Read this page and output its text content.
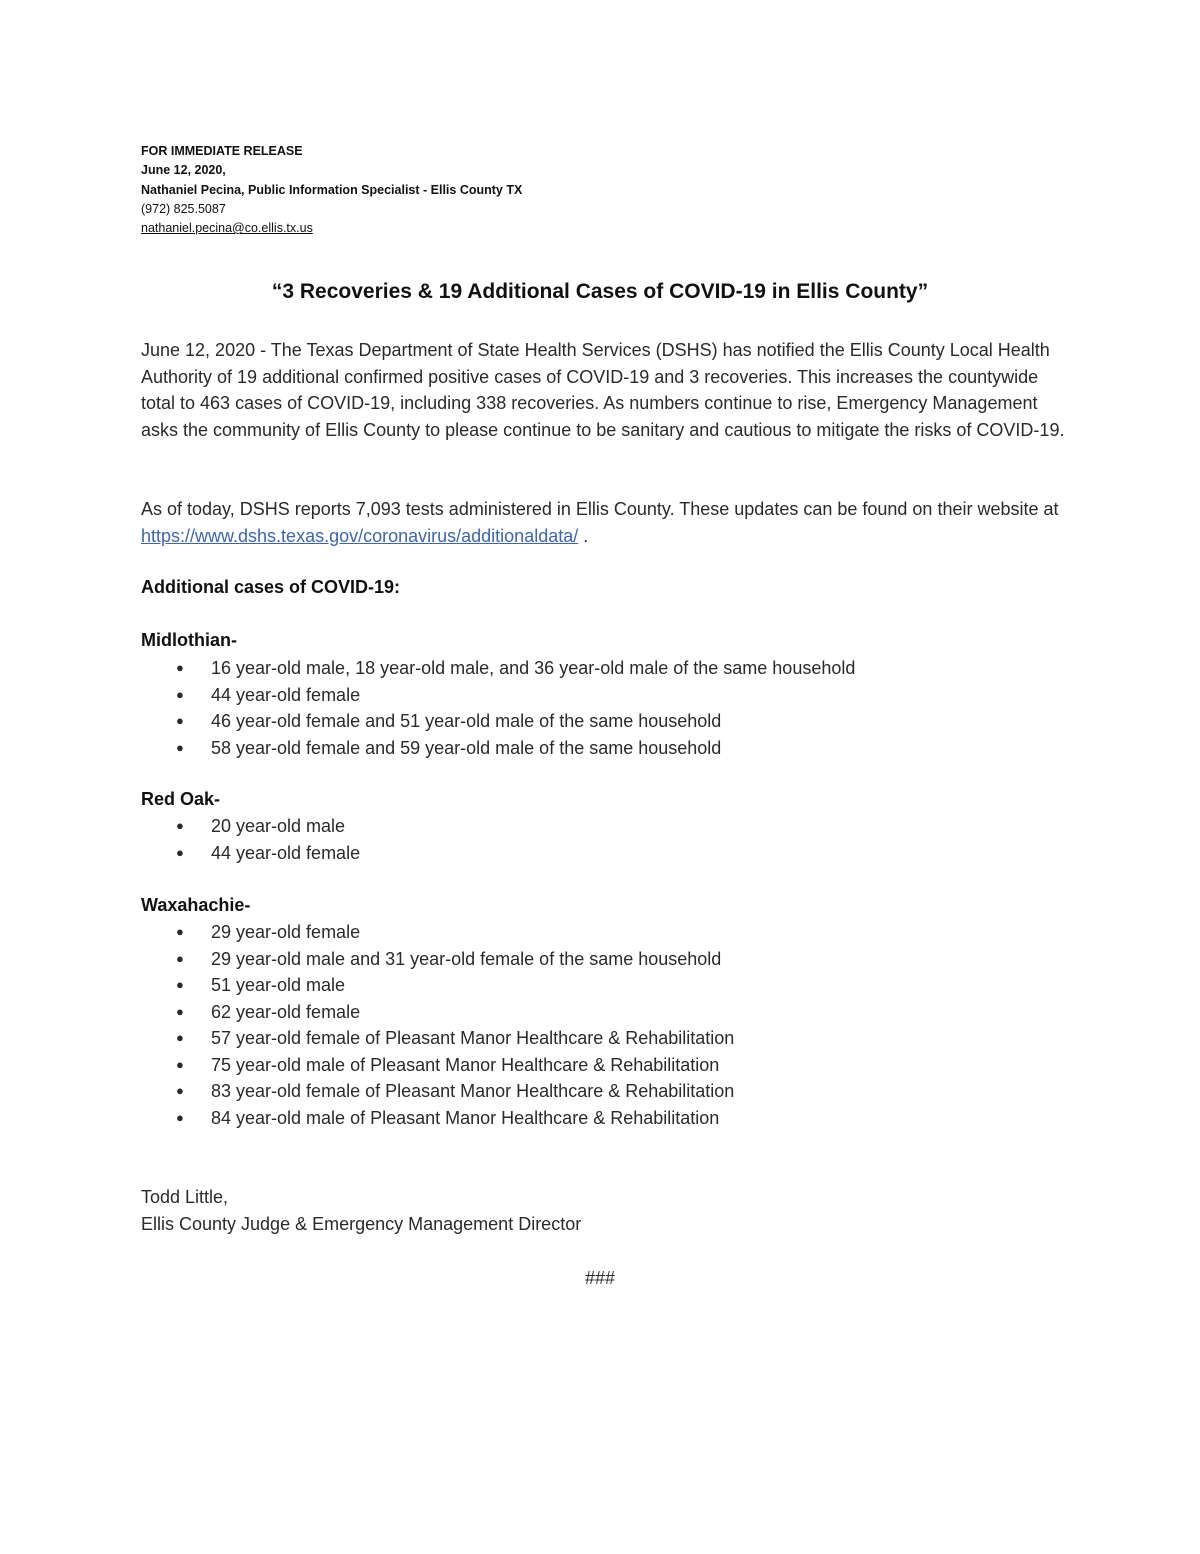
FOR IMMEDIATE RELEASE
June 12, 2020,
Nathaniel Pecina, Public Information Specialist - Ellis County TX
(972) 825.5087
nathaniel.pecina@co.ellis.tx.us
“3 Recoveries & 19 Additional Cases of COVID-19 in Ellis County”
June 12, 2020 - The Texas Department of State Health Services (DSHS) has notified the Ellis County Local Health Authority of 19 additional confirmed positive cases of COVID-19 and 3 recoveries. This increases the countywide total to 463 cases of COVID-19, including 338 recoveries. As numbers continue to rise, Emergency Management asks the community of Ellis County to please continue to be sanitary and cautious to mitigate the risks of COVID-19.
As of today, DSHS reports 7,093 tests administered in Ellis County. These updates can be found on their website at https://www.dshs.texas.gov/coronavirus/additionaldata/ .
Additional cases of COVID-19:
Midlothian-
● 16 year-old male, 18 year-old male, and 36 year-old male of the same household
● 44 year-old female
● 46 year-old female and 51 year-old male of the same household
● 58 year-old female and 59 year-old male of the same household
Red Oak-
● 20 year-old male
● 44 year-old female
Waxahachie-
● 29 year-old female
● 29 year-old male and 31 year-old female of the same household
● 51 year-old male
● 62 year-old female
● 57 year-old female of Pleasant Manor Healthcare & Rehabilitation
● 75 year-old male of Pleasant Manor Healthcare & Rehabilitation
● 83 year-old female of Pleasant Manor Healthcare & Rehabilitation
● 84 year-old male of Pleasant Manor Healthcare & Rehabilitation
Todd Little,
Ellis County Judge & Emergency Management Director
###
